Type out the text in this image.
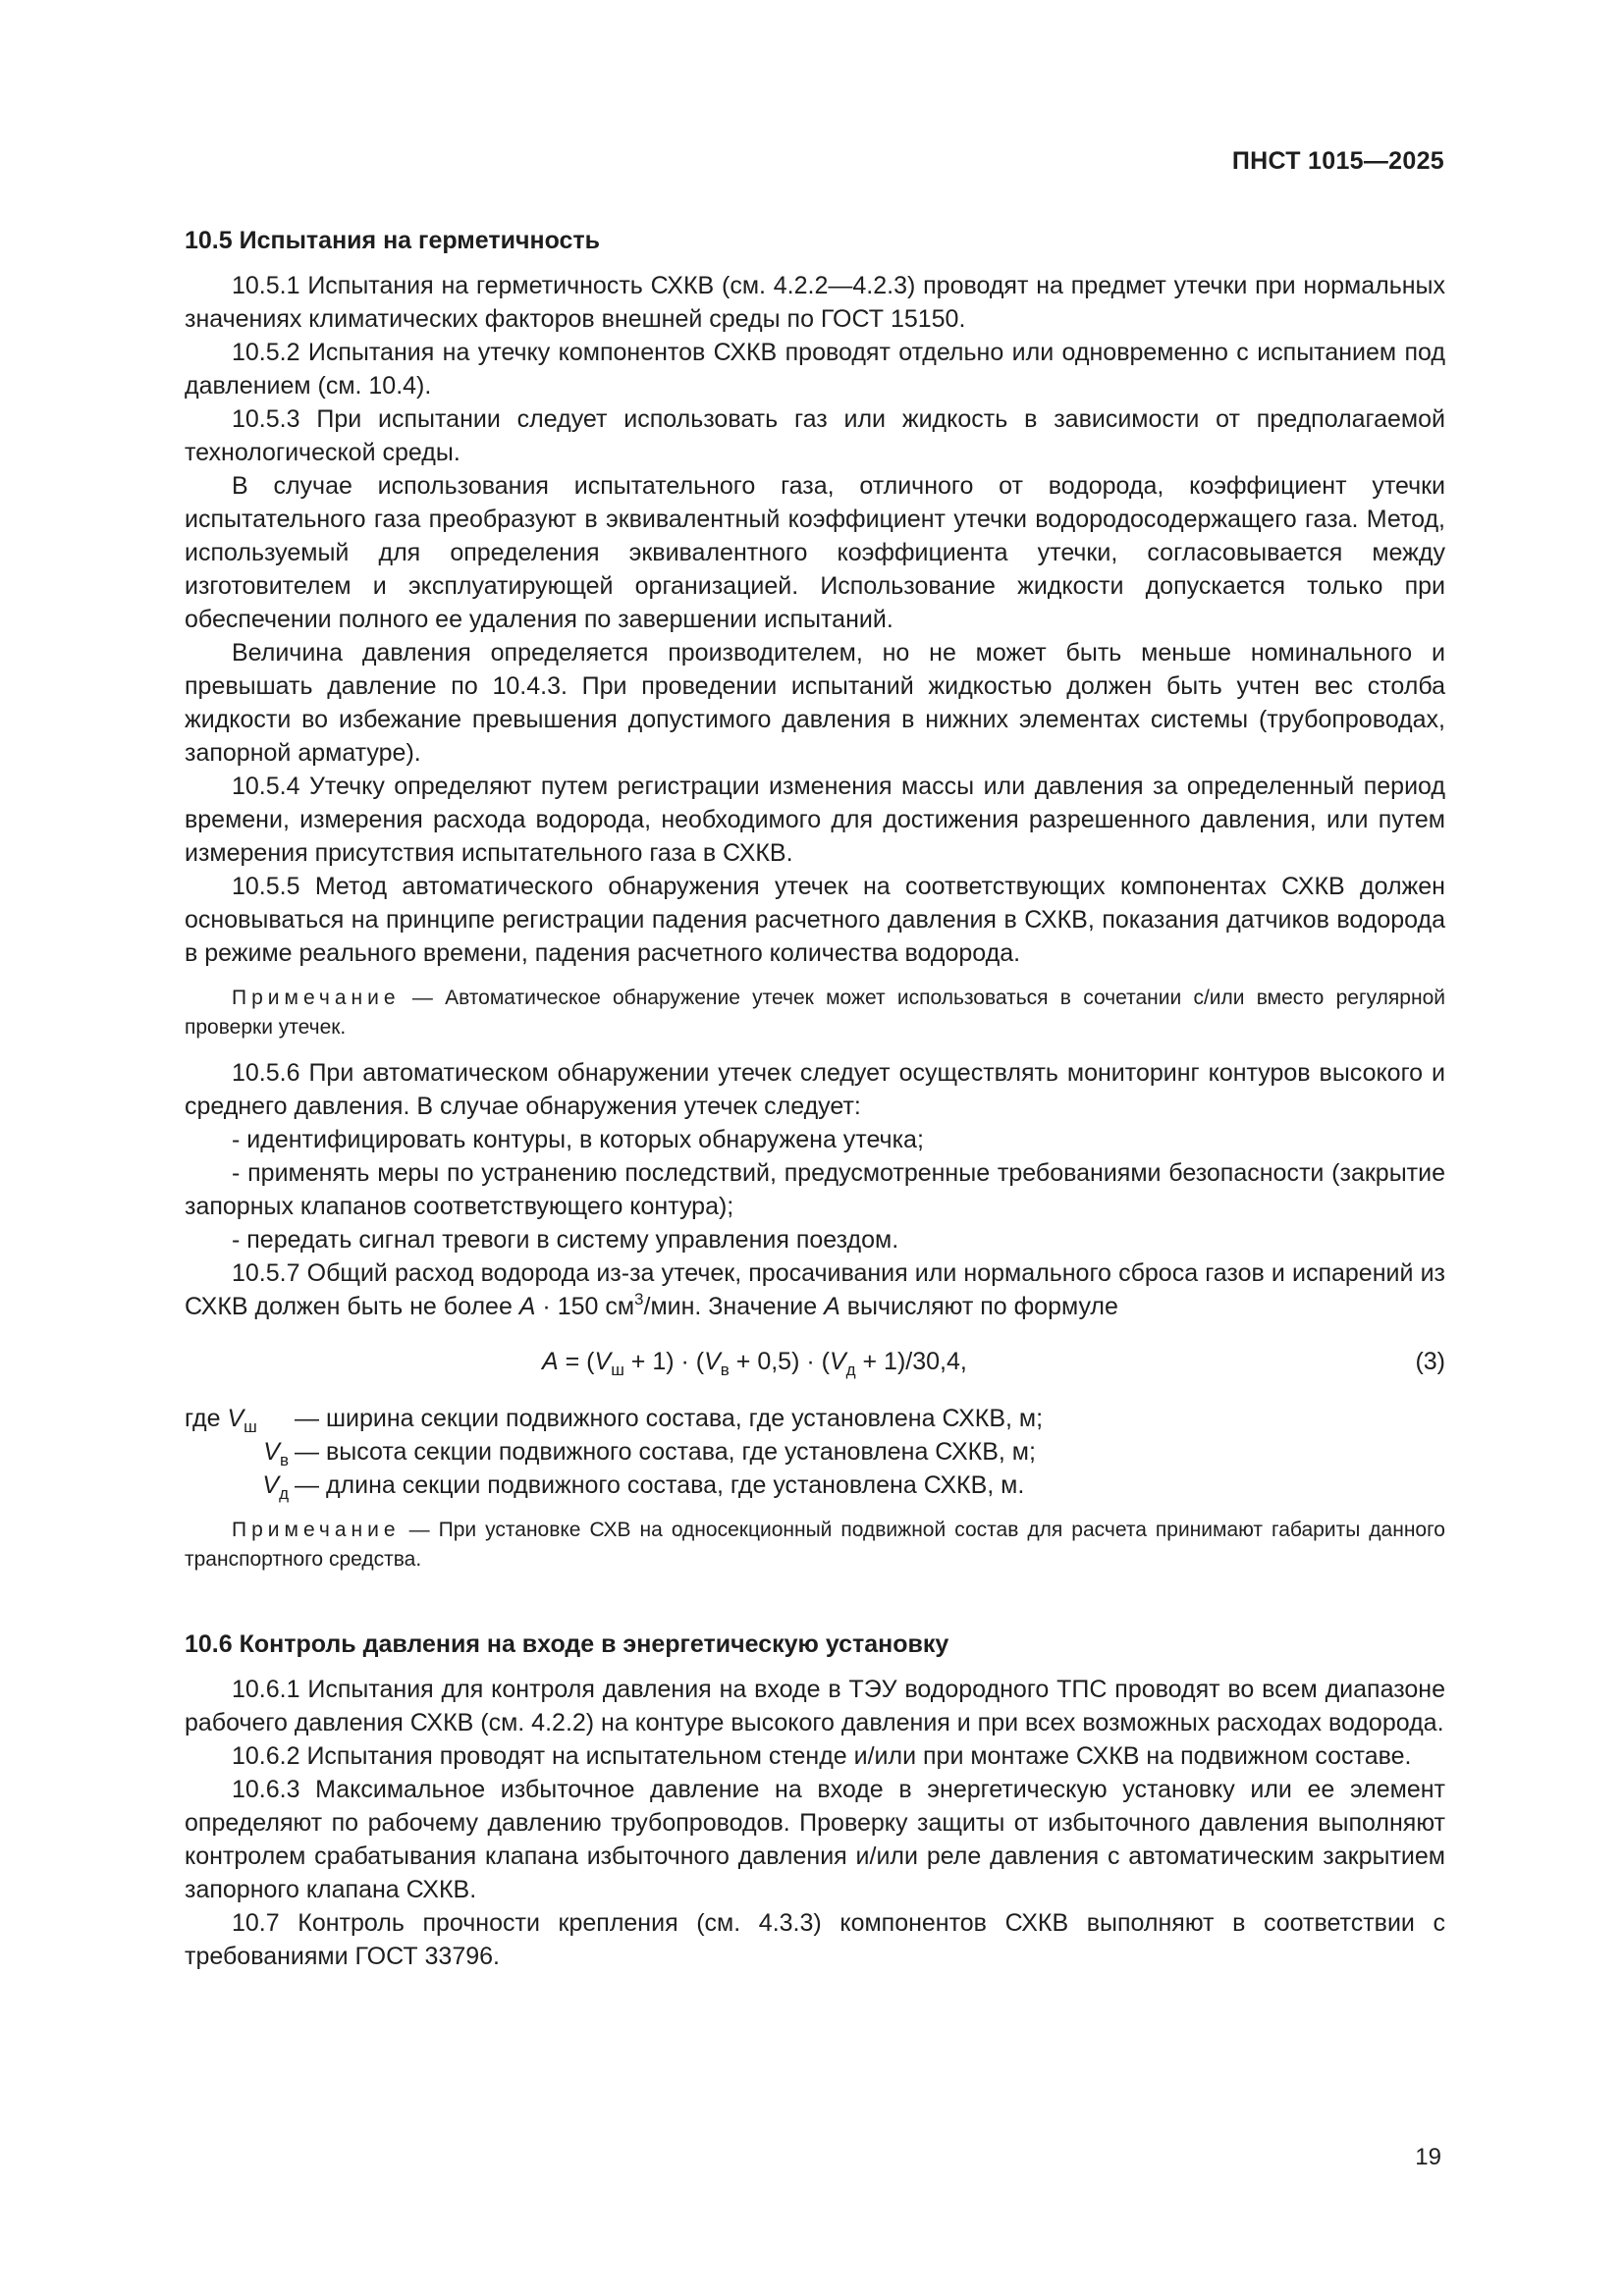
ПНСТ 1015—2025
10.5 Испытания на герметичность

10.5.1 Испытания на герметичность СХКВ (см. 4.2.2—4.2.3) проводят на предмет утечки при нормальных значениях климатических факторов внешней среды по ГОСТ 15150.

10.5.2 Испытания на утечку компонентов СХКВ проводят отдельно или одновременно с испытанием под давлением (см. 10.4).

10.5.3 При испытании следует использовать газ или жидкость в зависимости от предполагаемой технологической среды.

В случае использования испытательного газа, отличного от водорода, коэффициент утечки испытательного газа преобразуют в эквивалентный коэффициент утечки водородосодержащего газа. Метод, используемый для определения эквивалентного коэффициента утечки, согласовывается между изготовителем и эксплуатирующей организацией. Использование жидкости допускается только при обеспечении полного ее удаления по завершении испытаний.

Величина давления определяется производителем, но не может быть меньше номинального и превышать давление по 10.4.3. При проведении испытаний жидкостью должен быть учтен вес столба жидкости во избежание превышения допустимого давления в нижних элементах системы (трубопроводах, запорной арматуре).

10.5.4 Утечку определяют путем регистрации изменения массы или давления за определенный период времени, измерения расхода водорода, необходимого для достижения разрешенного давления, или путем измерения присутствия испытательного газа в СХКВ.

10.5.5 Метод автоматического обнаружения утечек на соответствующих компонентах СХКВ должен основываться на принципе регистрации падения расчетного давления в СХКВ, показания датчиков водорода в режиме реального времени, падения расчетного количества водорода.

Примечание — Автоматическое обнаружение утечек может использоваться в сочетании с/или вместо регулярной проверки утечек.

10.5.6 При автоматическом обнаружении утечек следует осуществлять мониторинг контуров высокого и среднего давления. В случае обнаружения утечек следует:

- идентифицировать контуры, в которых обнаружена утечка;

- применять меры по устранению последствий, предусмотренные требованиями безопасности (закрытие запорных клапанов соответствующего контура);

- передать сигнал тревоги в систему управления поездом.

10.5.7 Общий расход водорода из-за утечек, просачивания или нормального сброса газов и испарений из СХКВ должен быть не более A · 150 $см^3$/мин. Значение A вычисляют по формуле

$A = (V_ш + 1) \cdot (V_в + 0,5) \cdot (V_д + 1)/30,4$,	(3)
где $V_ш$	— ширина секции подвижного состава, где установлена СХКВ, м;
$V_в$ — высота секции подвижного состава, где установлена СХКВ, м;
$V_д$ — длина секции подвижного состава, где установлена СХКВ, м.
Примечание — При установке СХВ на односекционный подвижной состав для расчета принимают габариты данного транспортного средства.
10.6 Контроль давления на входе в энергетическую установку

10.6.1 Испытания для контроля давления на входе в ТЭУ водородного ТПС проводят во всем диапазоне рабочего давления СХКВ (см. 4.2.2) на контуре высокого давления и при всех возможных расходах водорода.

10.6.2 Испытания проводят на испытательном стенде и/или при монтаже СХКВ на подвижном составе.

10.6.3 Максимальное избыточное давление на входе в энергетическую установку или ее элемент определяют по рабочему давлению трубопроводов. Проверку защиты от избыточного давления выполняют контролем срабатывания клапана избыточного давления и/или реле давления с автоматическим закрытием запорного клапана СХКВ.

10.7 Контроль прочности крепления (см. 4.3.3) компонентов СХКВ выполняют в соответствии с требованиями ГОСТ 33796.

19
